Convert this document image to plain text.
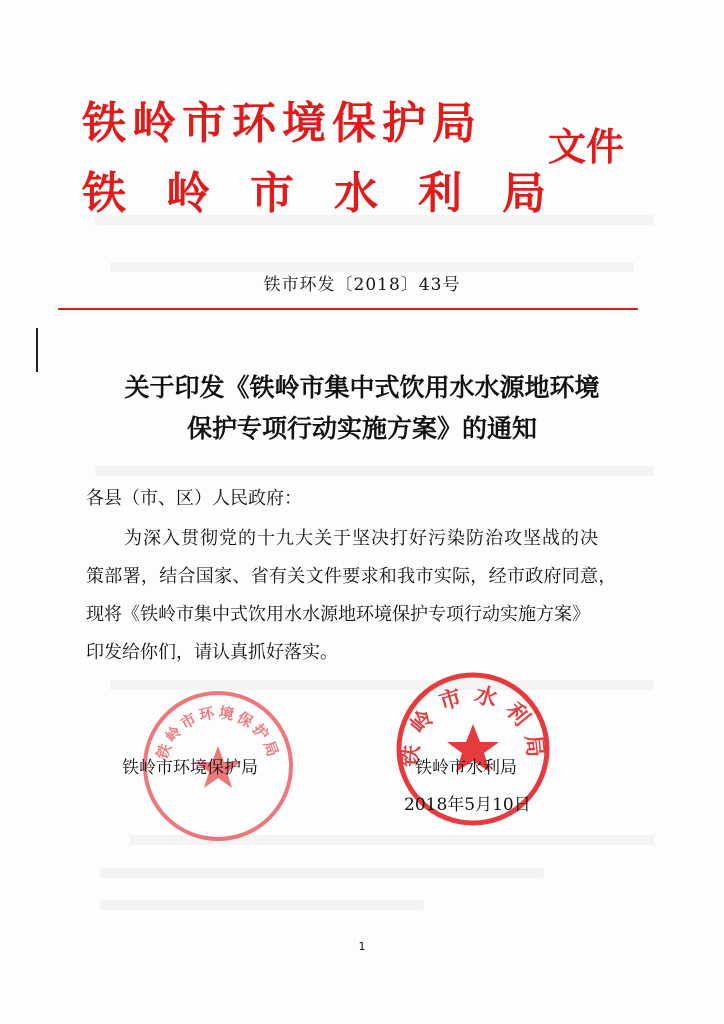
铁岭市环境保护局
铁岭市水利局
文件
铁市环发〔2018〕43号
关于印发《铁岭市集中式饮用水水源地环境
保护专项行动实施方案》的通知
各县（市、区）人民政府：
为深入贯彻党的十九大关于坚决打好污染防治攻坚战的决
策部署，结合国家、省有关文件要求和我市实际，经市政府同意，
现将《铁岭市集中式饮用水水源地环境保护专项行动实施方案》
印发给你们，请认真抓好落实。
铁岭市环境保护局	铁岭市水利局
铁岭市环境保护局	铁岭市水利局
2018年5月10日
1
